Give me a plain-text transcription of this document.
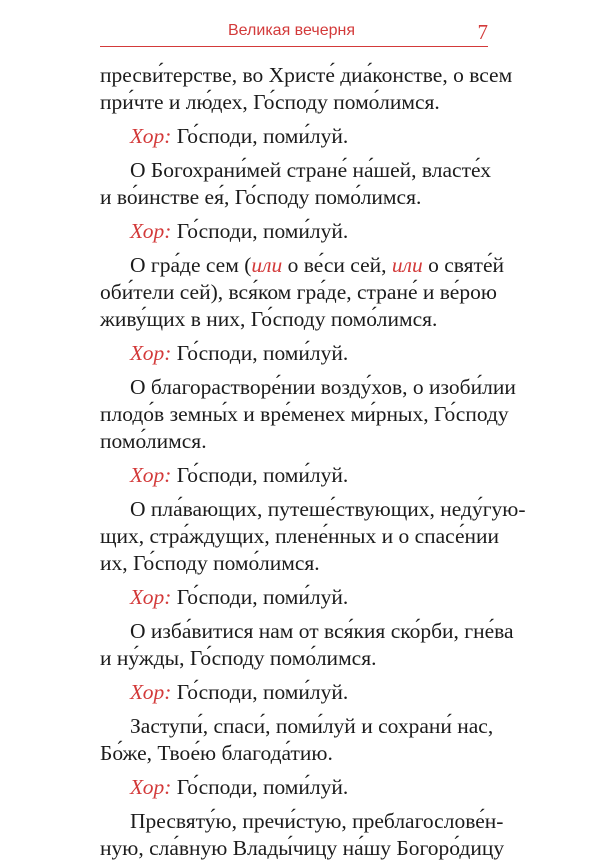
Великая вечерня	7
пресви́терстве, во Христе́ диа́констве, о всем
при́чте и лю́дех, Го́споду помо́лимся.
Хор: Го́споди, поми́луй.
О Богохрани́мей стране́ на́шей, власте́х
и во́инстве ея́, Го́споду помо́лимся.
Хор: Го́споди, поми́луй.
О гра́де сем (или о ве́си сей, или о святе́й
оби́тели сей), вся́ком гра́де, стране́ и ве́рою
живу́щих в них, Го́споду помо́лимся.
Хор: Го́споди, поми́луй.
О благорастворе́нии возду́хов, о изоби́лии
плодо́в земны́х и вре́менех ми́рных, Го́споду
помо́лимся.
Хор: Го́споди, поми́луй.
О пла́вающих, путеше́ствующих, неду́гую-
щих, стра́ждущих, плене́нных и о спасе́нии
их, Го́споду помо́лимся.
Хор: Го́споди, поми́луй.
О изба́витися нам от вся́кия ско́рби, гне́ва
и ну́жды, Го́споду помо́лимся.
Хор: Го́споди, поми́луй.
Заступи́, спаси́, поми́луй и сохрани́ нас,
Бо́же, Твое́ю благода́тию.
Хор: Го́споди, поми́луй.
Пресвяту́ю, пречи́стую, преблагослове́н-
ную, сла́вную Влады́чицу на́шу Богоро́дицу
